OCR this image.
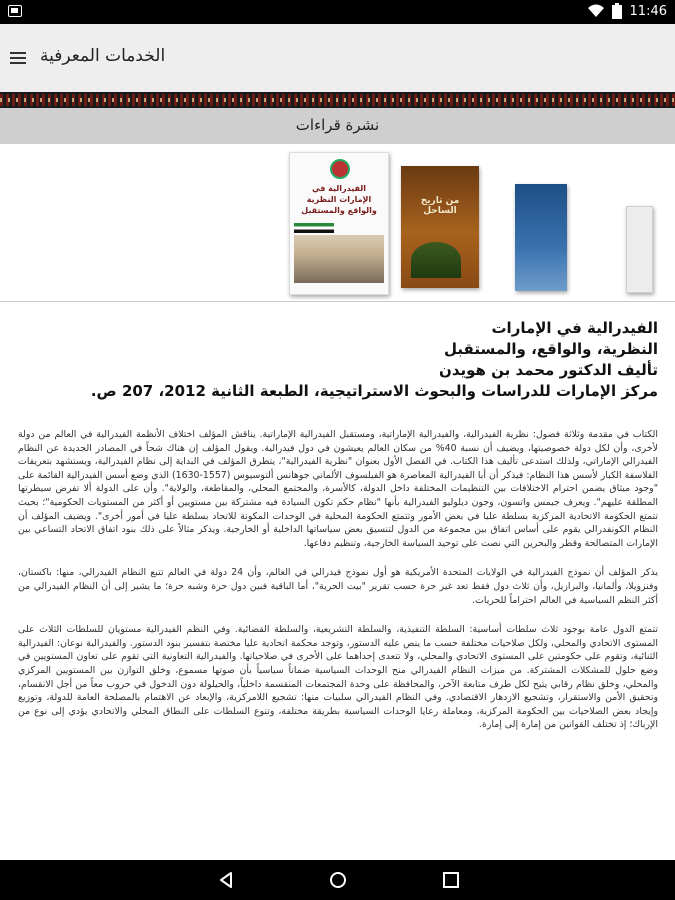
11:46
الخدمات المعرفية
نشرة قراءات
الفيدرالية في الإمارات النظرية والواقع والمستقبل
من تاريخ الساحل
الفيدرالية في الإمارات
النظرية، والواقع، والمستقبل
تأليف الدكتور محمد بن هويدن
مركز الإمارات للدراسات والبحوث الاستراتيجية، الطبعة الثانية 2012، 207 ص.
الكتاب في مقدمة وثلاثة فصول: نظرية الفيدرالية، والفيدرالية الإماراتية، ومستقبل الفيدرالية الإماراتية. يناقش المؤلف اختلاف الأنظمة الفيدرالية في العالم من دولة لأخرى، وأن لكل دولة خصوصيتها، ويضيف أن نسبة 40% من سكان العالم يعيشون في دول فيدرالية. ويقول المؤلف إن هناك شحاً في المصادر الجديدة عن النظام الفيدرالي الإماراتي، ولذلك استدعى تأليف هذا الكتاب. في الفصل الأول بعنوان "نظرية الفيدرالية"، يتطرق المؤلف في البداية إلى نظام الفيدرالية، ويستشهد بتعريفات الفلاسفة الكبار لأسس هذا النظام: فيذكر أن أبا الفيدرالية المعاصرة هو الفيلسوف الألماني جوهانس ألتوسيوس (1557-1630) الذي وضع أسس الفيدرالية القائمة على "وجود ميثاق يضمن احترام الاختلافات بين التنظيمات المختلفة داخل الدولة، كالأسرة، والمجتمع المحلي، والمقاطعة، والولاية". وأن على الدولة ألا تفرض سيطرتها المطلقة عليهم". ويعرف جيمس واتسون، وجون ديلوليو الفيدرالية بأنها "نظام حكم تكون السيادة فيه مشتركة بين مستويين أو أكثر من المستويات الحكومية"؛ بحيث تتمتع الحكومة الاتحادية المركزية بسلطة عليا في بعض الأمور وتتمتع الحكومة المحلية في الوحدات المكونة للاتحاد بسلطة عليا في أمور أخرى". ويضيف المؤلف أن النظام الكونفدرالي يقوم على أساس اتفاق بين مجموعة من الدول لتنسيق بعض سياساتها الداخلية أو الخارجية. ويذكر مثالاً على ذلك بنود اتفاق الاتحاد التساعي بين الإمارات المتصالحة وقطر والبحرين التي نصت على توحيد السياسة الخارجية، وتنظيم دفاعها.
يذكر المؤلف أن نموذج الفيدرالية في الولايات المتحدة الأمريكية هو أول نموذج فيدرالي في العالم، وأن 24 دولة في العالم تتبع النظام الفيدرالي، منها: باكستان، وفنزويلا، وألمانيا، والبرازيل، وأن ثلاث دول فقط تعد غير حرة حسب تقرير "بيت الحرية"، أما الباقية فبين دول حرة وشبه حرة؛ ما يشير إلى أن النظام الفيدرالي من أكثر النظم السياسية في العالم احتراماً للحريات.
تتمتع الدول عامة بوجود ثلاث سلطات أساسية: السلطة التنفيذية، والسلطة التشريعية، والسلطة القضائية. وفي النظم الفيدرالية مستويان للسلطات الثلاث على المستوى الاتحادي والمحلي، ولكل صلاحيات مختلفة حسب ما ينص عليه الدستور، وتوجد محكمة اتحادية عليا مختصة بتفسير بنود الدستور. والفيدرالية نوعان: الفيدرالية الثنائية، وتقوم على حكومتين على المستوى الاتحادي والمحلي، ولا تتعدى إحداهما على الأخرى في صلاحياتها. والفيدرالية التعاونية التي تقوم على تعاون المستويين في وضع حلول للمشكلات المشتركة. من ميزات النظام الفيدرالي منح الوحدات السياسية ضماناً سياسياً بأن صوتها مسموع، وخلق التوازن بين المستويين المركزي والمحلي، وخلق نظام رقابي يتيح لكل طرف متابعة الآخر، والمحافظة على وحدة المجتمعات المنقسمة داخلياً، والحيلولة دون الدخول في حروب معاً من أجل الانقسام، وتحقيق الأمن والاستقرار، وتشجيع الازدهار الاقتصادي. وفي النظام الفيدرالي سلبيات منها: تشجيع اللامركزية، والإبعاد عن الاهتمام بالمصلحة العامة للدولة، وتوزيع وإيجاد بعض الصلاحيات بين الحكومة المركزية، ومعاملة رعايا الوحدات السياسية بطريقة مختلفة، وتنوع السلطات على النطاق المحلي والاتحادي يؤدي إلى نوع من الإرباك؛ إذ تختلف القوانين من إمارة إلى إمارة.
